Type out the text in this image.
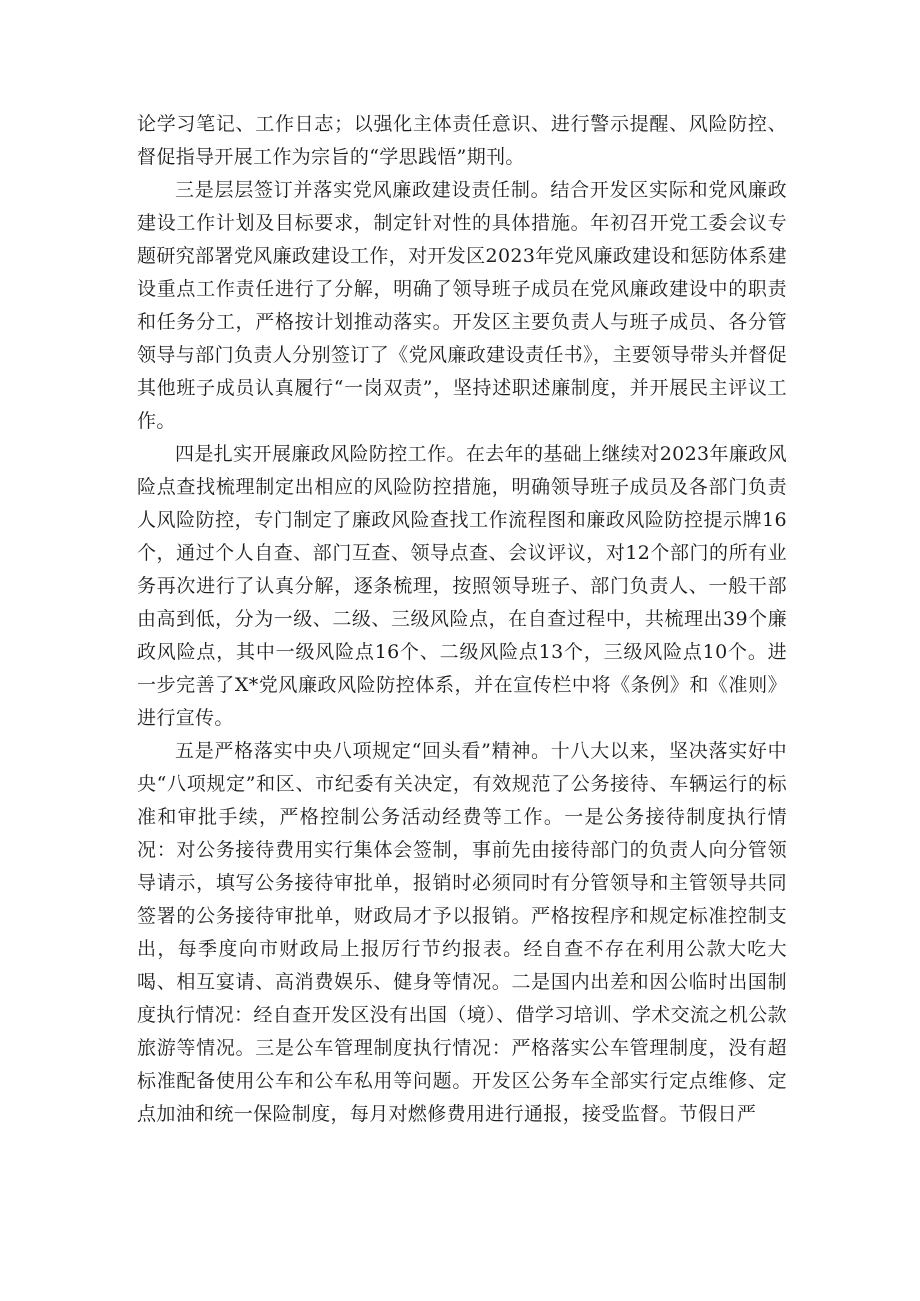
论学习笔记、工作日志；以强化主体责任意识、进行警示提醒、风险防控、督促指导开展工作为宗旨的“学思践悟”期刊。

三是层层签订并落实党风廉政建设责任制。结合开发区实际和党风廉政建设工作计划及目标要求，制定针对性的具体措施。年初召开党工委会议专题研究部署党风廉政建设工作，对开发区2023年党风廉政建设和惩防体系建设重点工作责任进行了分解，明确了领导班子成员在党风廉政建设中的职责和任务分工，严格按计划推动落实。开发区主要负责人与班子成员、各分管领导与部门负责人分别签订了《党风廉政建设责任书》，主要领导带头并督促其他班子成员认真履行“一岗双责”，坚持述职述廉制度，并开展民主评议工作。

四是扎实开展廉政风险防控工作。在去年的基础上继续对2023年廉政风险点查找梳理制定出相应的风险防控措施，明确领导班子成员及各部门负责人风险防控，专门制定了廉政风险查找工作流程图和廉政风险防控提示牌16个，通过个人自查、部门互查、领导点查、会议评议，对12个部门的所有业务再次进行了认真分解，逐条梳理，按照领导班子、部门负责人、一般干部由高到低，分为一级、二级、三级风险点，在自查过程中，共梳理出39个廉政风险点，其中一级风险点16个、二级风险点13个，三级风险点10个。进一步完善了X*党风廉政风险防控体系，并在宣传栏中将《条例》和《准则》进行宣传。

五是严格落实中央八项规定“回头看”精神。十八大以来，坚决落实好中央“八项规定”和区、市纪委有关决定，有效规范了公务接待、车辆运行的标准和审批手续，严格控制公务活动经费等工作。一是公务接待制度执行情况：对公务接待费用实行集体会签制，事前先由接待部门的负责人向分管领导请示，填写公务接待审批单，报销时必须同时有分管领导和主管领导共同签署的公务接待审批单，财政局才予以报销。严格按程序和规定标准控制支出，每季度向市财政局上报厉行节约报表。经自查不存在利用公款大吃大喝、相互宴请、高消费娱乐、健身等情况。二是国内出差和因公临时出国制度执行情况：经自查开发区没有出国（境）、借学习培训、学术交流之机公款旅游等情况。三是公车管理制度执行情况：严格落实公车管理制度，没有超标准配备使用公车和公车私用等问题。开发区公务车全部实行定点维修、定点加油和统一保险制度，每月对燃修费用进行通报，接受监督。节假日严
